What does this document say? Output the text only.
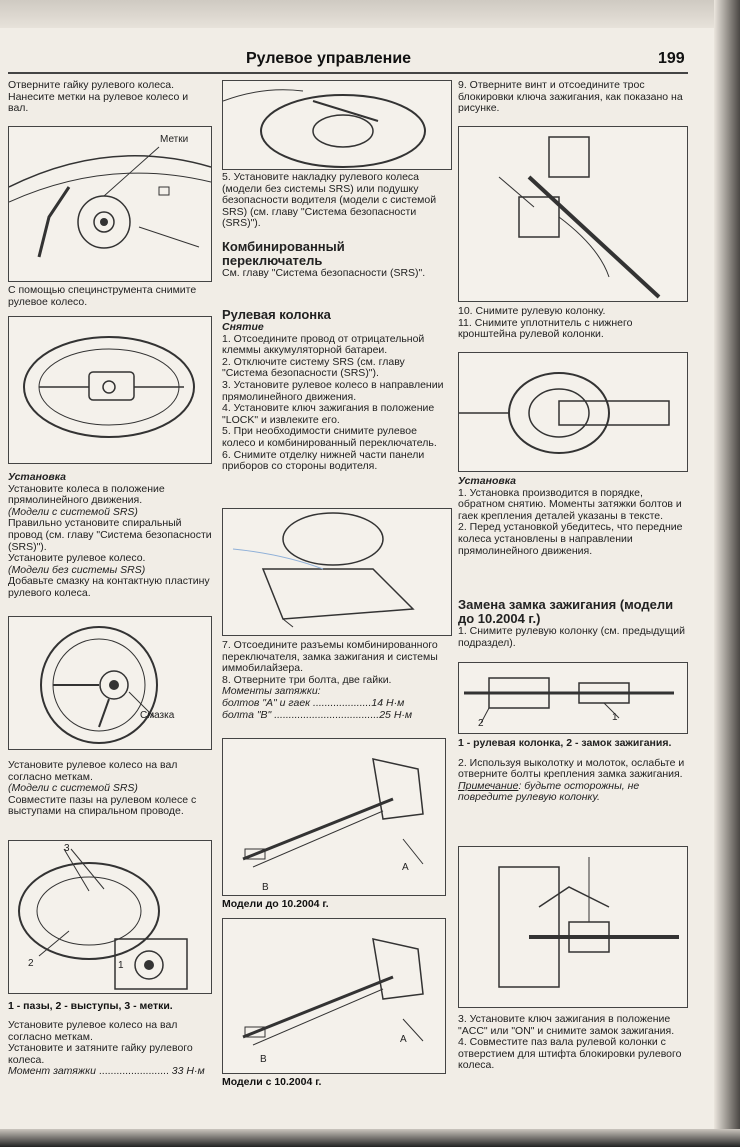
Рулевое управление	199

Отверните гайку рулевого колеса.

Нанесите метки на рулевое колесо и вал.

Метки

С помощью специнструмента снимите рулевое колесо.

Установка

Установите колеса в положение прямолинейного движения.

(Модели с системой SRS)

Правильно установите спиральный провод (см. главу "Система безопасности (SRS)").

Установите рулевое колесо.

(Модели без системы SRS)

Добавьте смазку на контактную пластину рулевого колеса.

Смазка

Установите рулевое колесо на вал согласно меткам.

(Модели с системой SRS)

Совместите пазы на рулевом колесе с выступами на спиральном проводе.

3
2	1
1 - пазы, 2 - выступы, 3 - метки.

Установите рулевое колесо на вал согласно меткам.

Установите и затяните гайку рулевого колеса.

Момент затяжки ........................ 33 Н·м

5. Установите накладку рулевого колеса (модели без системы SRS) или подушку безопасности водителя (модели с системой SRS) (см. главу "Система безопасности (SRS)").

Комбинированный переключатель

См. главу "Система безопасности (SRS)".

Рулевая колонка

Снятие

1. Отсоедините провод от отрицательной клеммы аккумуляторной батареи.

2. Отключите систему SRS (см. главу "Система безопасности (SRS)").

3. Установите рулевое колесо в направлении прямолинейного движения.

4. Установите ключ зажигания в положение "LOCK" и извлеките его.

5. При необходимости снимите рулевое колесо и комбинированный переключатель.

6. Снимите отделку нижней части панели приборов со стороны водителя.

7. Отсоедините разъемы комбинированного переключателя, замка зажигания и системы иммобилайзера.

8. Отверните три болта, две гайки.

Моменты затяжки:

болтов "A" и гаек ....................14 Н·м

болта "B" ....................................25 Н·м

A
B
Модели до 10.2004 г.
A
B
Модели с 10.2004 г.

9. Отверните винт и отсоедините трос блокировки ключа зажигания, как показано на рисунке.

10. Снимите рулевую колонку.

11. Снимите уплотнитель с нижнего кронштейна рулевой колонки.

Установка

1. Установка производится в порядке, обратном снятию. Моменты затяжки болтов и гаек крепления деталей указаны в тексте.

2. Перед установкой убедитесь, что передние колеса установлены в направлении прямолинейного движения.

Замена замка зажигания (модели до 10.2004 г.)

1. Снимите рулевую колонку (см. предыдущий подраздел).

2
1

1 - рулевая колонка, 2 - замок зажигания.

2. Используя выколотку и молоток, ослабьте и отверните болты крепления замка зажигания.

Примечание: будьте осторожны, не повредите рулевую колонку.

3. Установите ключ зажигания в положение "ACC" или "ON" и снимите замок зажигания.

4. Совместите паз вала рулевой колонки с отверстием для штифта блокировки рулевого колеса.
